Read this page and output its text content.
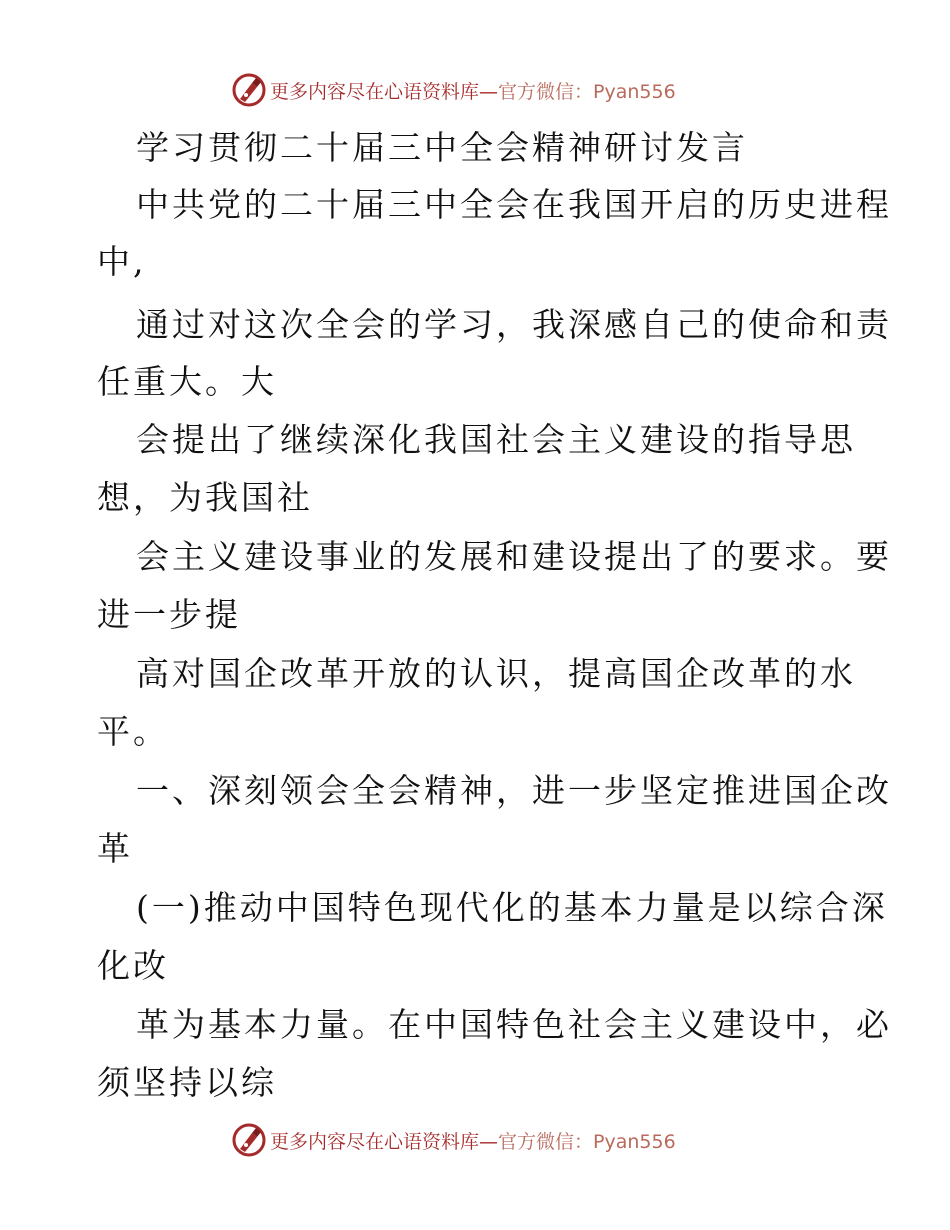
更多内容尽在心语资料库—官方微信：Pyan556
学习贯彻二十届三中全会精神研讨发言
中共党的二十届三中全会在我国开启的历史进程
中,
通过对这次全会的学习，我深感自己的使命和责
任重大。大
会提出了继续深化我国社会主义建设的指导思
想，为我国社
会主义建设事业的发展和建设提出了的要求。要
进一步提
高对国企改革开放的认识，提高国企改革的水
平。
一、深刻领会全会精神，进一步坚定推进国企改
革
(一)推动中国特色现代化的基本力量是以综合深
化改
革为基本力量。在中国特色社会主义建设中，必
须坚持以综
更多内容尽在心语资料库—官方微信：Pyan556
